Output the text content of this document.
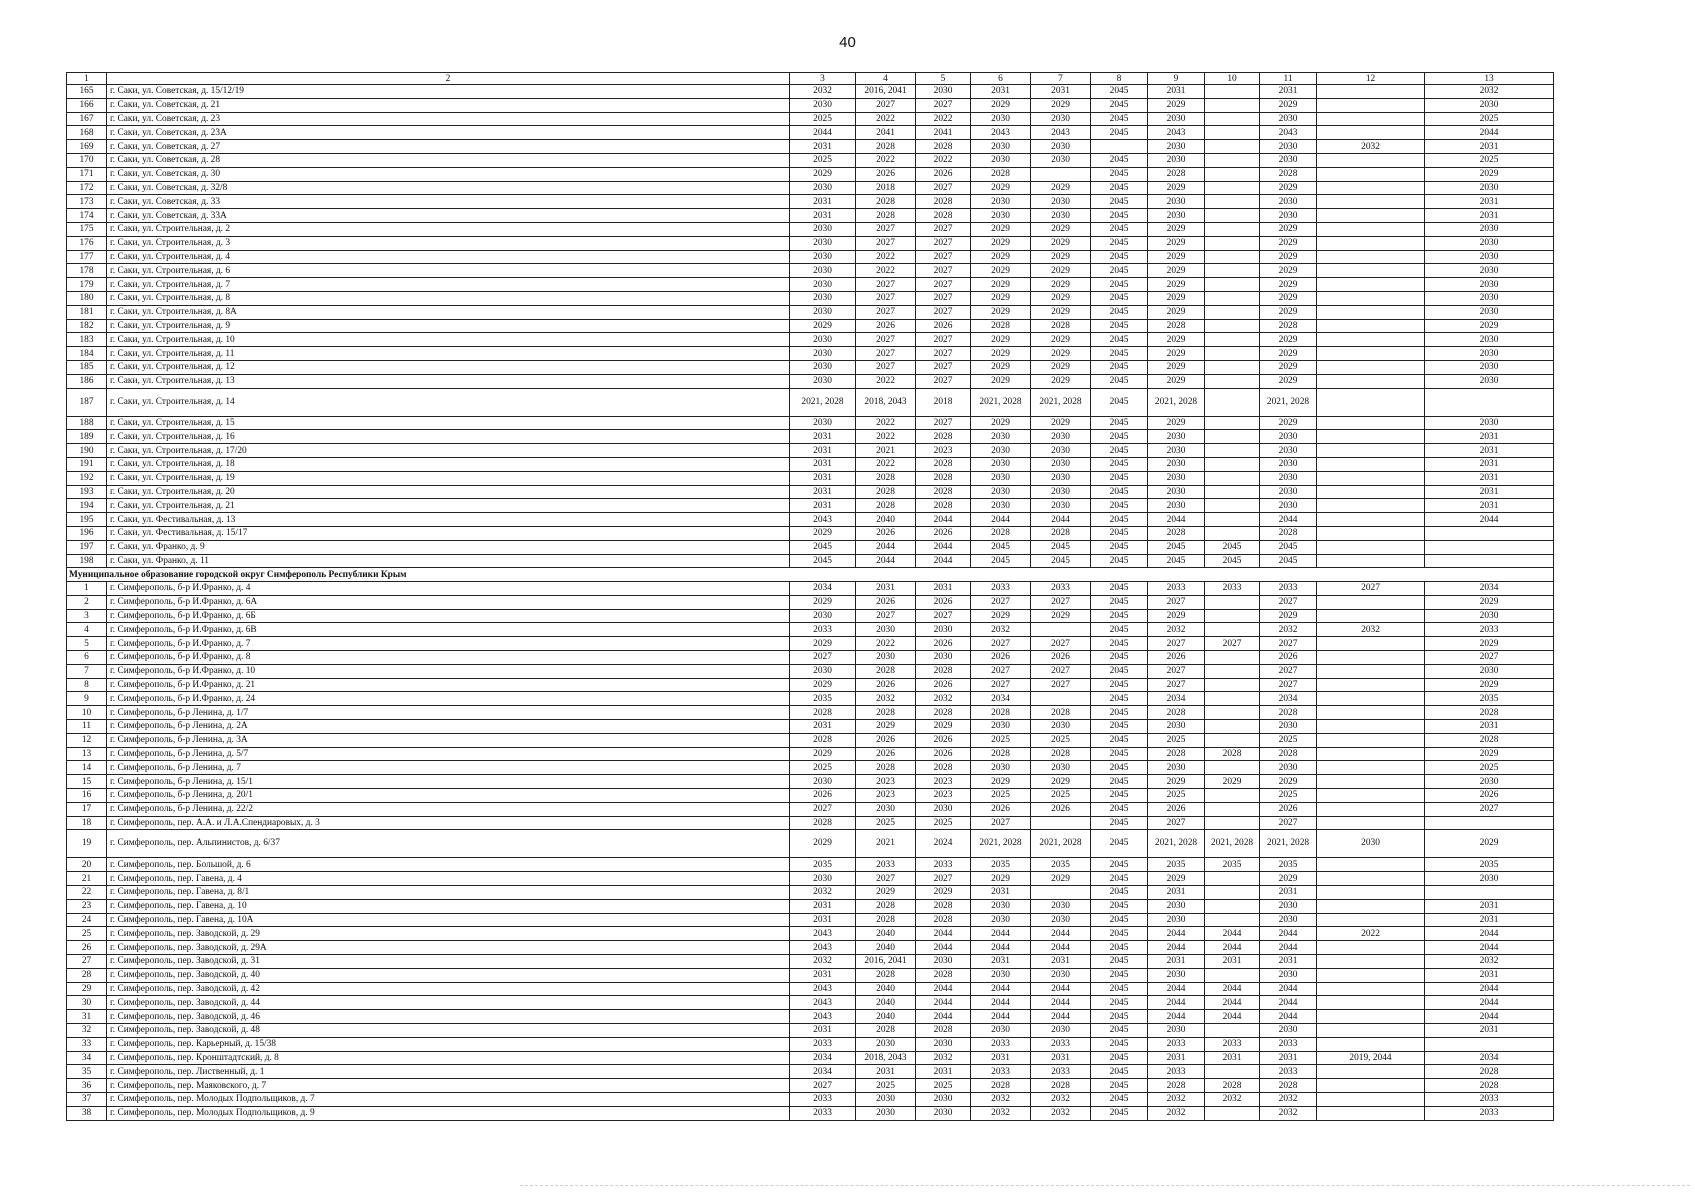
40
1	2	3	4	5	6	7	8	9	10	11	12	13
165	г. Саки, ул. Советская, д. 15/12/19	2032	2016, 2041	2030	2031	2031	2045	2031		2031		2032
166	г. Саки, ул. Советская, д. 21	2030	2027	2027	2029	2029	2045	2029		2029		2030
167	г. Саки, ул. Советская, д. 23	2025	2022	2022	2030	2030	2045	2030		2030		2025
168	г. Саки, ул. Советская, д. 23А	2044	2041	2041	2043	2043	2045	2043		2043		2044
169	г. Саки, ул. Советская, д. 27	2031	2028	2028	2030	2030		2030		2030	2032	2031
170	г. Саки, ул. Советская, д. 28	2025	2022	2022	2030	2030	2045	2030		2030		2025
171	г. Саки, ул. Советская, д. 30	2029	2026	2026	2028		2045	2028		2028		2029
172	г. Саки, ул. Советская, д. 32/8	2030	2018	2027	2029	2029	2045	2029		2029		2030
173	г. Саки, ул. Советская, д. 33	2031	2028	2028	2030	2030	2045	2030		2030		2031
174	г. Саки, ул. Советская, д. 33А	2031	2028	2028	2030	2030	2045	2030		2030		2031
175	г. Саки, ул. Строительная, д. 2	2030	2027	2027	2029	2029	2045	2029		2029		2030
176	г. Саки, ул. Строительная, д. 3	2030	2027	2027	2029	2029	2045	2029		2029		2030
177	г. Саки, ул. Строительная, д. 4	2030	2022	2027	2029	2029	2045	2029		2029		2030
178	г. Саки, ул. Строительная, д. 6	2030	2022	2027	2029	2029	2045	2029		2029		2030
179	г. Саки, ул. Строительная, д. 7	2030	2027	2027	2029	2029	2045	2029		2029		2030
180	г. Саки, ул. Строительная, д. 8	2030	2027	2027	2029	2029	2045	2029		2029		2030
181	г. Саки, ул. Строительная, д. 8А	2030	2027	2027	2029	2029	2045	2029		2029		2030
182	г. Саки, ул. Строительная, д. 9	2029	2026	2026	2028	2028	2045	2028		2028		2029
183	г. Саки, ул. Строительная, д. 10	2030	2027	2027	2029	2029	2045	2029		2029		2030
184	г. Саки, ул. Строительная, д. 11	2030	2027	2027	2029	2029	2045	2029		2029		2030
185	г. Саки, ул. Строительная, д. 12	2030	2027	2027	2029	2029	2045	2029		2029		2030
186	г. Саки, ул. Строительная, д. 13	2030	2022	2027	2029	2029	2045	2029		2029		2030
187	г. Саки, ул. Строительная, д. 14	2021, 2028	2018, 2043	2018	2021, 2028	2021, 2028	2045	2021, 2028		2021, 2028		
188	г. Саки, ул. Строительная, д. 15	2030	2022	2027	2029	2029	2045	2029		2029		2030
189	г. Саки, ул. Строительная, д. 16	2031	2022	2028	2030	2030	2045	2030		2030		2031
190	г. Саки, ул. Строительная, д. 17/20	2031	2021	2023	2030	2030	2045	2030		2030		2031
191	г. Саки, ул. Строительная, д. 18	2031	2022	2028	2030	2030	2045	2030		2030		2031
192	г. Саки, ул. Строительная, д. 19	2031	2028	2028	2030	2030	2045	2030		2030		2031
193	г. Саки, ул. Строительная, д. 20	2031	2028	2028	2030	2030	2045	2030		2030		2031
194	г. Саки, ул. Строительная, д. 21	2031	2028	2028	2030	2030	2045	2030		2030		2031
195	г. Саки, ул. Фестивальная, д. 13	2043	2040	2044	2044	2044	2045	2044		2044		2044
196	г. Саки, ул. Фестивальная, д. 15/17	2029	2026	2026	2028	2028	2045	2028		2028		
197	г. Саки, ул. Франко, д. 9	2045	2044	2044	2045	2045	2045	2045	2045	2045		
198	г. Саки, ул. Франко, д. 11	2045	2044	2044	2045	2045	2045	2045	2045	2045		
Муниципальное образование городской округ Симферополь Республики Крым												
1	г. Симферополь, б-р И.Франко, д. 4	2034	2031	2031	2033	2033	2045	2033	2033	2033	2027	2034
2	г. Симферополь, б-р И.Франко, д. 6А	2029	2026	2026	2027	2027	2045	2027		2027		2029
3	г. Симферополь, б-р И.Франко, д. 6Б	2030	2027	2027	2029	2029	2045	2029		2029		2030
4	г. Симферополь, б-р И.Франко, д. 6В	2033	2030	2030	2032		2045	2032		2032	2032	2033
5	г. Симферополь, б-р И.Франко, д. 7	2029	2022	2026	2027	2027	2045	2027	2027	2027		2029
6	г. Симферополь, б-р И.Франко, д. 8	2027	2030	2030	2026	2026	2045	2026		2026		2027
7	г. Симферополь, б-р И.Франко, д. 10	2030	2028	2028	2027	2027	2045	2027		2027		2030
8	г. Симферополь, б-р И.Франко, д. 21	2029	2026	2026	2027	2027	2045	2027		2027		2029
9	г. Симферополь, б-р И.Франко, д. 24	2035	2032	2032	2034		2045	2034		2034		2035
10	г. Симферополь, б-р Ленина, д. 1/7	2028	2028	2028	2028	2028	2045	2028		2028		2028
11	г. Симферополь, б-р Ленина, д. 2А	2031	2029	2029	2030	2030	2045	2030		2030		2031
12	г. Симферополь, б-р Ленина, д. 3А	2028	2026	2026	2025	2025	2045	2025		2025		2028
13	г. Симферополь, б-р Ленина, д. 5/7	2029	2026	2026	2028	2028	2045	2028	2028	2028		2029
14	г. Симферополь, б-р Ленина, д. 7	2025	2028	2028	2030	2030	2045	2030		2030		2025
15	г. Симферополь, б-р Ленина, д. 15/1	2030	2023	2023	2029	2029	2045	2029	2029	2029		2030
16	г. Симферополь, б-р Ленина, д. 20/1	2026	2023	2023	2025	2025	2045	2025		2025		2026
17	г. Симферополь, б-р Ленина, д. 22/2	2027	2030	2030	2026	2026	2045	2026		2026		2027
18	г. Симферополь, пер. А.А. и Л.А.Спендиаровых, д. 3	2028	2025	2025	2027		2045	2027		2027		
19	г. Симферополь, пер. Альпинистов, д. 6/37	2029	2021	2024	2021, 2028	2021, 2028	2045	2021, 2028	2021, 2028	2021, 2028	2030	2029
20	г. Симферополь, пер. Большой, д. 6	2035	2033	2033	2035	2035	2045	2035	2035	2035		2035
21	г. Симферополь, пер. Гавена, д. 4	2030	2027	2027	2029	2029	2045	2029		2029		2030
22	г. Симферополь, пер. Гавена, д. 8/1	2032	2029	2029	2031		2045	2031		2031		
23	г. Симферополь, пер. Гавена, д. 10	2031	2028	2028	2030	2030	2045	2030		2030		2031
24	г. Симферополь, пер. Гавена, д. 10А	2031	2028	2028	2030	2030	2045	2030		2030		2031
25	г. Симферополь, пер. Заводской, д. 29	2043	2040	2044	2044	2044	2045	2044	2044	2044	2022	2044
26	г. Симферополь, пер. Заводской, д. 29А	2043	2040	2044	2044	2044	2045	2044	2044	2044		2044
27	г. Симферополь, пер. Заводской, д. 31	2032	2016, 2041	2030	2031	2031	2045	2031	2031	2031		2032
28	г. Симферополь, пер. Заводской, д. 40	2031	2028	2028	2030	2030	2045	2030		2030		2031
29	г. Симферополь, пер. Заводской, д. 42	2043	2040	2044	2044	2044	2045	2044	2044	2044		2044
30	г. Симферополь, пер. Заводской, д. 44	2043	2040	2044	2044	2044	2045	2044	2044	2044		2044
31	г. Симферополь, пер. Заводской, д. 46	2043	2040	2044	2044	2044	2045	2044	2044	2044		2044
32	г. Симферополь, пер. Заводской, д. 48	2031	2028	2028	2030	2030	2045	2030		2030		2031
33	г. Симферополь, пер. Карьерный, д. 15/38	2033	2030	2030	2033	2033	2045	2033	2033	2033		
34	г. Симферополь, пер. Кронштадтский, д. 8	2034	2018, 2043	2032	2031	2031	2045	2031	2031	2031	2019, 2044	2034
35	г. Симферополь, пер. Лиственный, д. 1	2034	2031	2031	2033	2033	2045	2033		2033		2028
36	г. Симферополь, пер. Маяковского, д. 7	2027	2025	2025	2028	2028	2045	2028	2028	2028		2028
37	г. Симферополь, пер. Молодых Подпольщиков, д. 7	2033	2030	2030	2032	2032	2045	2032	2032	2032		2033
38	г. Симферополь, пер. Молодых Подпольщиков, д. 9	2033	2030	2030	2032	2032	2045	2032		2032		2033
